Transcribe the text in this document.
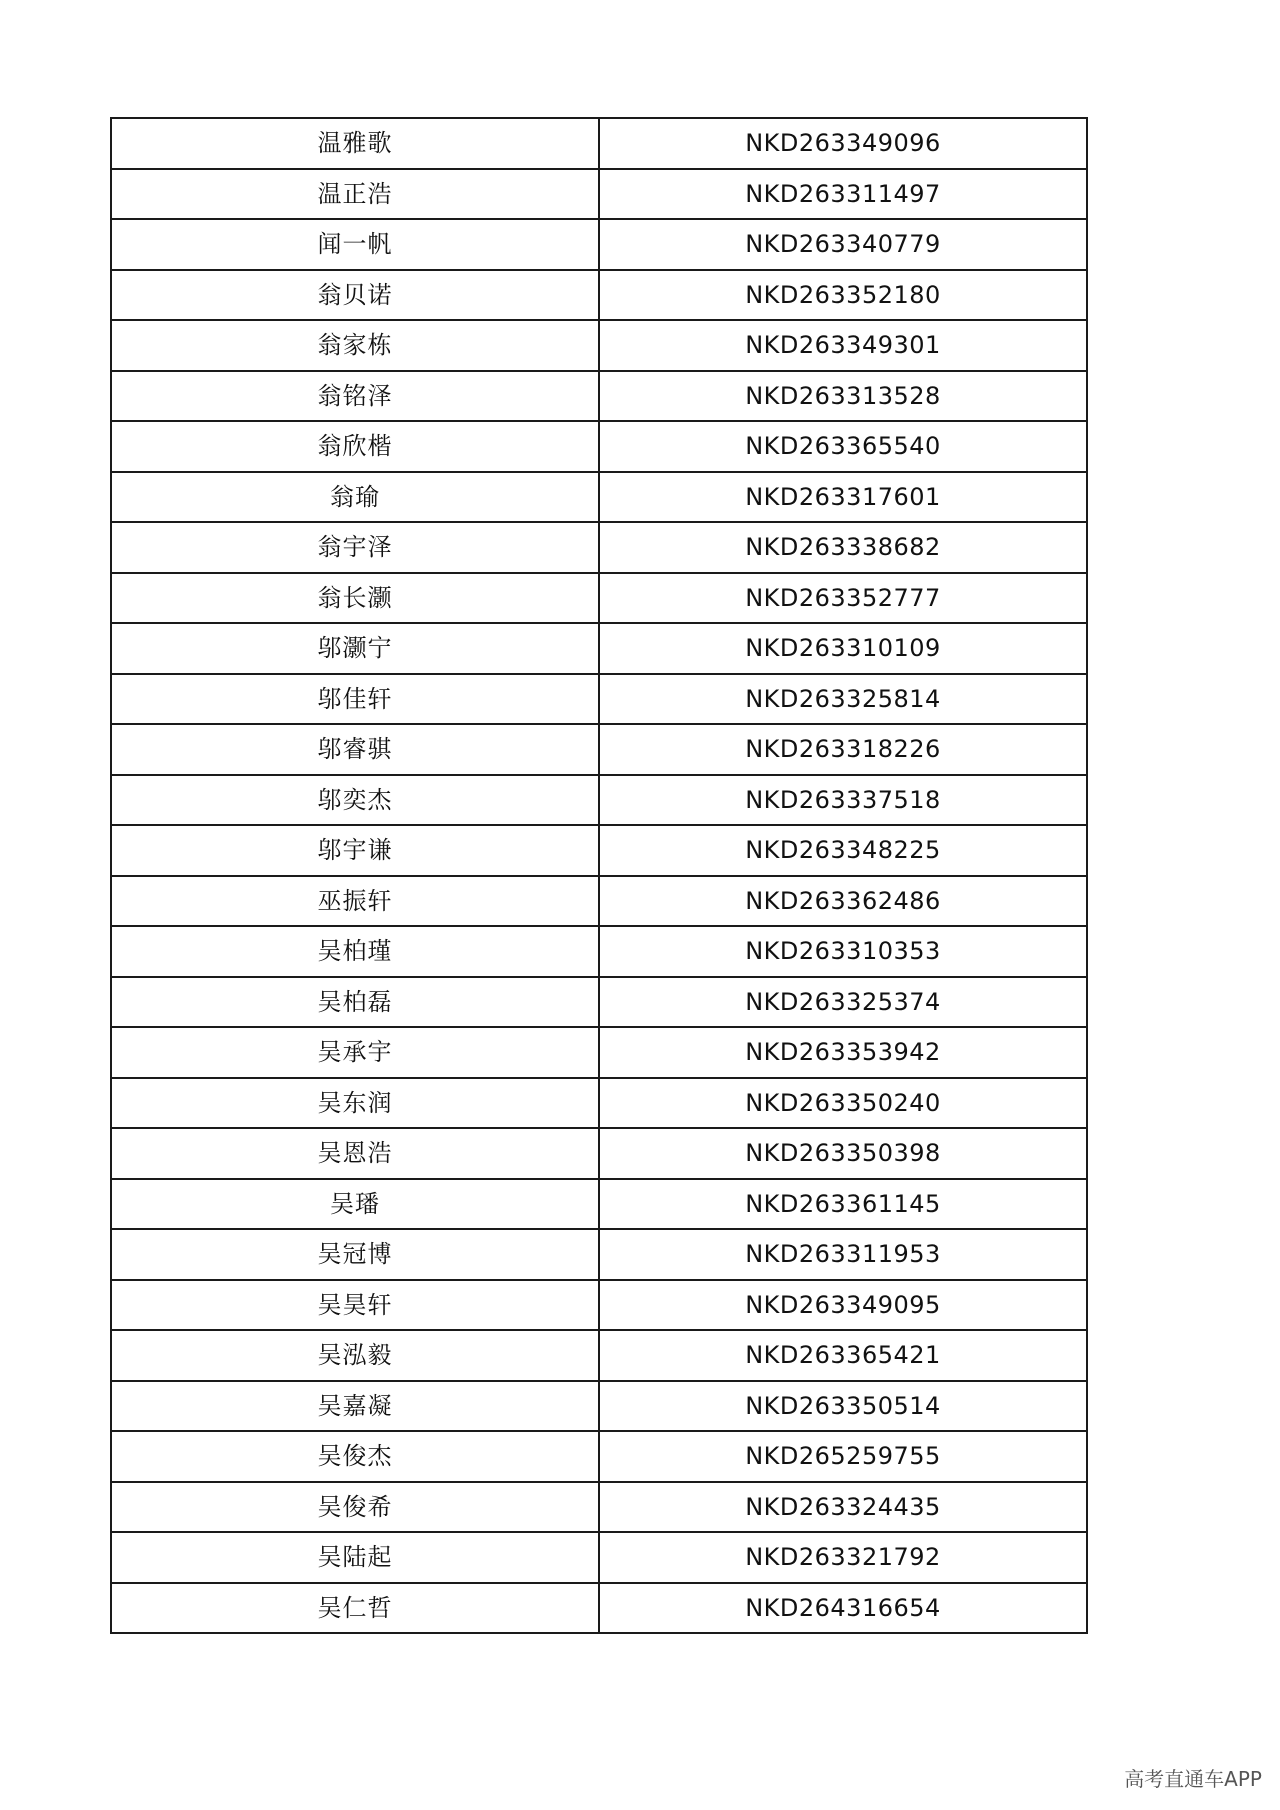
温雅歌	NKD263349096
温正浩	NKD263311497
闻一帆	NKD263340779
翁贝诺	NKD263352180
翁家栋	NKD263349301
翁铭泽	NKD263313528
翁欣楷	NKD263365540
翁瑜	NKD263317601
翁宇泽	NKD263338682
翁长灏	NKD263352777
邬灏宁	NKD263310109
邬佳轩	NKD263325814
邬睿骐	NKD263318226
邬奕杰	NKD263337518
邬宇谦	NKD263348225
巫振轩	NKD263362486
吴柏瑾	NKD263310353
吴柏磊	NKD263325374
吴承宇	NKD263353942
吴东润	NKD263350240
吴恩浩	NKD263350398
吴璠	NKD263361145
吴冠博	NKD263311953
吴昊轩	NKD263349095
吴泓毅	NKD263365421
吴嘉凝	NKD263350514
吴俊杰	NKD265259755
吴俊希	NKD263324435
吴陆起	NKD263321792
吴仁哲	NKD264316654
高考直通车APP
